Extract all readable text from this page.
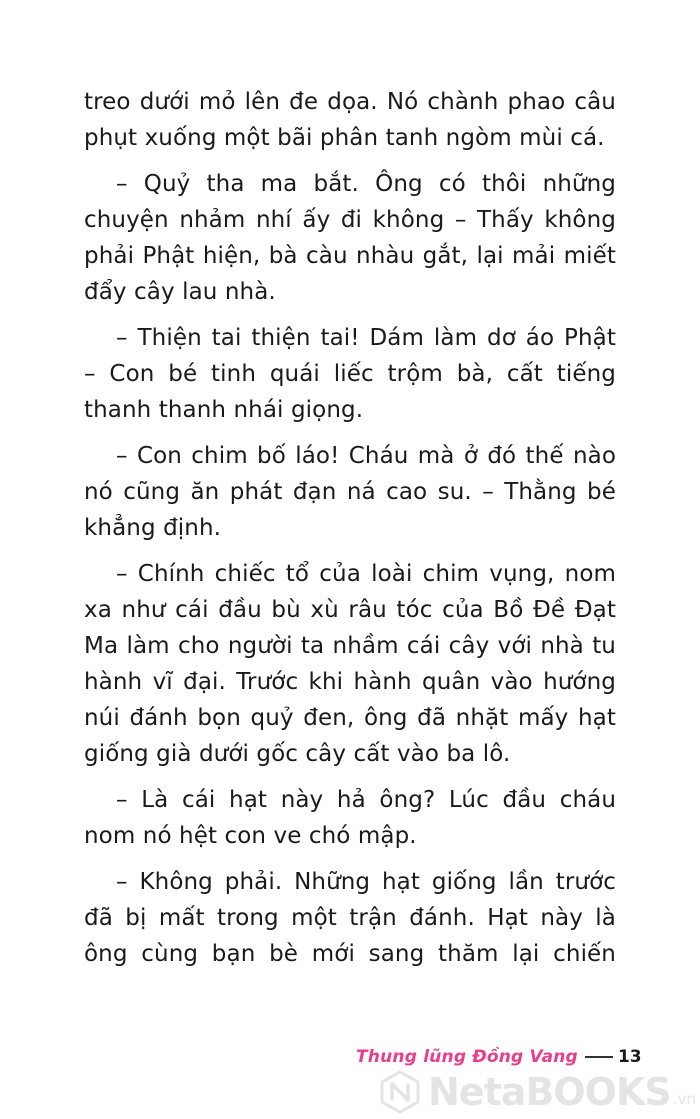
treo dưới mỏ lên đe dọa. Nó chành phao câu
phụt xuống một bãi phân tanh ngòm mùi cá.
– Quỷ tha ma bắt. Ông có thôi những
chuyện nhảm nhí ấy đi không – Thấy không
phải Phật hiện, bà càu nhàu gắt, lại mải miết
đẩy cây lau nhà.
– Thiện tai thiện tai! Dám làm dơ áo Phật
– Con bé tinh quái liếc trộm bà, cất tiếng
thanh thanh nhái giọng.
– Con chim bố láo! Cháu mà ở đó thế nào
nó cũng ăn phát đạn ná cao su. – Thằng bé
khẳng định.
– Chính chiếc tổ của loài chim vụng, nom
xa như cái đầu bù xù râu tóc của Bồ Đề Đạt
Ma làm cho người ta nhầm cái cây với nhà tu
hành vĩ đại. Trước khi hành quân vào hướng
núi đánh bọn quỷ đen, ông đã nhặt mấy hạt
giống già dưới gốc cây cất vào ba lô.
– Là cái hạt này hả ông? Lúc đầu cháu
nom nó hệt con ve chó mập.
– Không phải. Những hạt giống lần trước
đã bị mất trong một trận đánh. Hạt này là
ông cùng bạn bè mới sang thăm lại chiến
Thung lũng Đồng Vang 13
NetaBOOKS .vn
